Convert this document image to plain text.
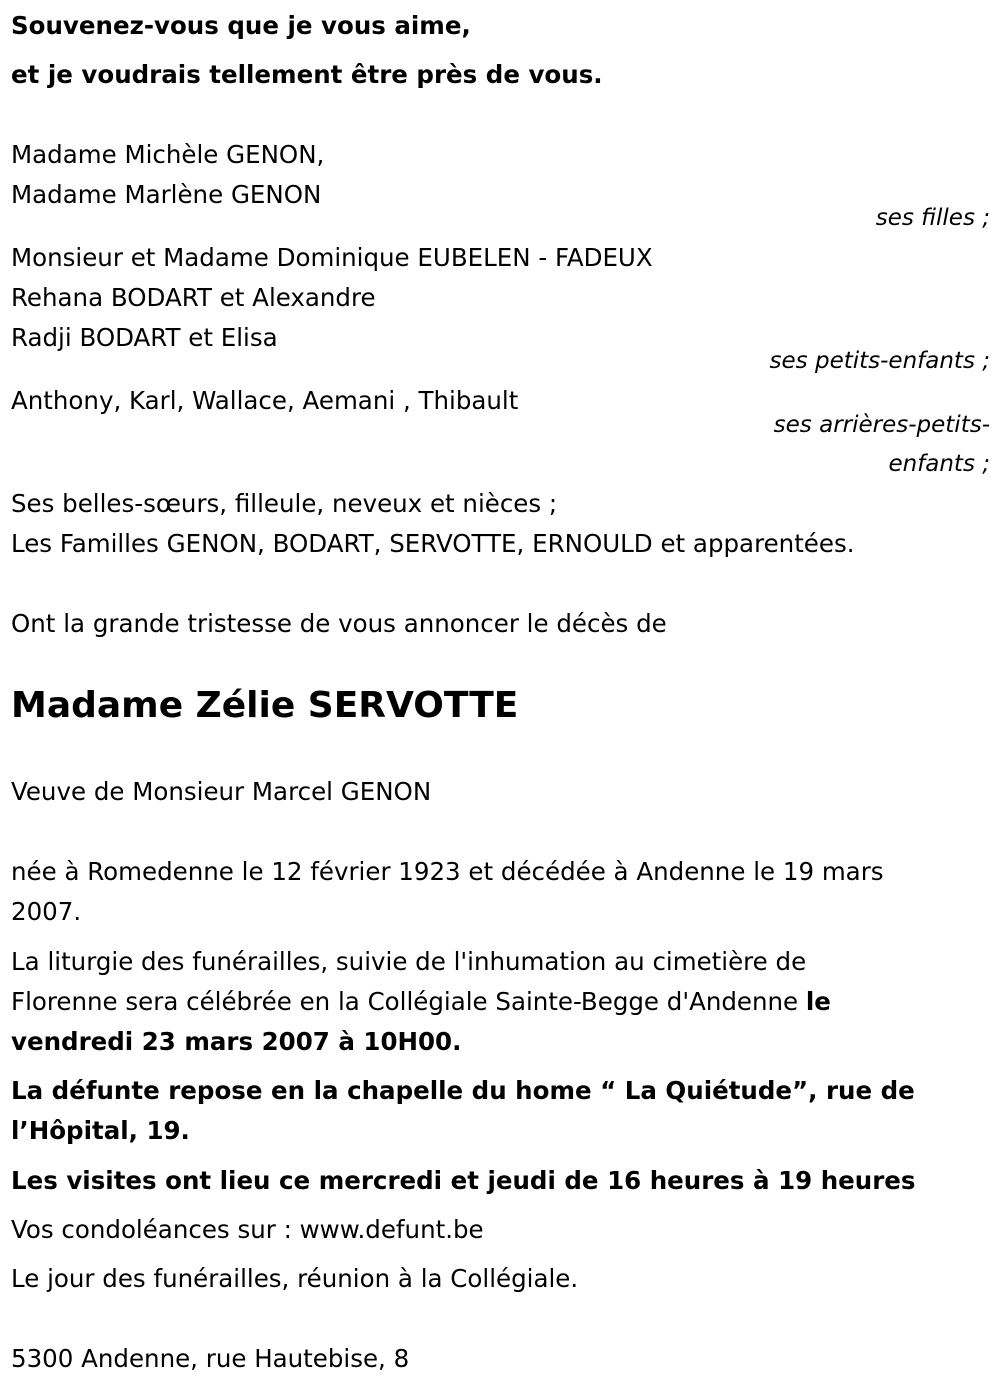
Souvenez-vous que je vous aime,

et je voudrais tellement être près de vous.

Madame Michèle GENON,

Madame Marlène GENON

ses filles ;

Monsieur et Madame Dominique EUBELEN - FADEUX

Rehana BODART et Alexandre

Radji BODART et Elisa

ses petits-enfants ;

Anthony, Karl, Wallace, Aemani , Thibault

ses arrières-petits-

enfants ;

Ses belles-sœurs, filleule, neveux et nièces ;

Les Familles GENON, BODART, SERVOTTE, ERNOULD et apparentées.

Ont la grande tristesse de vous annoncer le décès de

Madame Zélie SERVOTTE

Veuve de Monsieur Marcel GENON

née à Romedenne le 12 février 1923 et décédée à Andenne le 19 mars

2007.

La liturgie des funérailles, suivie de l'inhumation au cimetière de

Florenne sera célébrée en la Collégiale Sainte-Begge d'Andenne le

vendredi 23 mars 2007 à 10H00.

La défunte repose en la chapelle du home “ La Quiétude”, rue de

l’Hôpital, 19.

Les visites ont lieu ce mercredi et jeudi de 16 heures à 19 heures

Vos condoléances sur : www.defunt.be

Le jour des funérailles, réunion à la Collégiale.

5300 Andenne, rue Hautebise, 8
